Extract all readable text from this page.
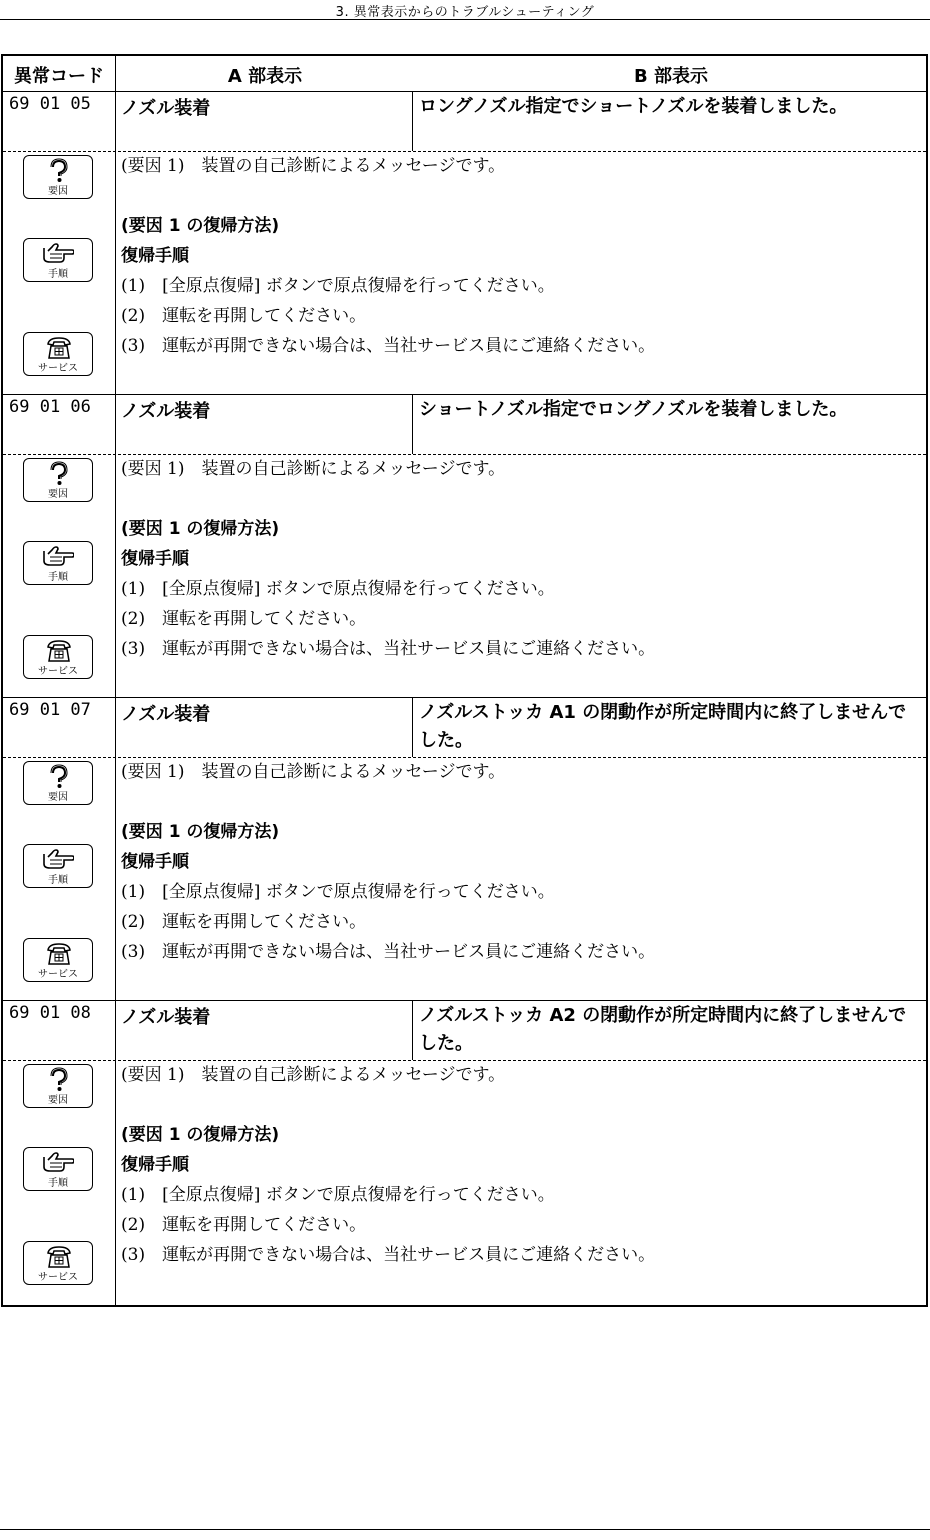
3. 異常表示からのトラブルシューティング
異常コード	A 部表示	B 部表示
69 01 05 ノズル装着	ロングノズル指定でショートノズルを装着しました。
(要因 1)　装置の自己診断によるメッセージです。
(要因 1 の復帰方法)
復帰手順
(1)　[全原点復帰] ボタンで原点復帰を行ってください。
(2)　運転を再開してください。
(3)　運転が再開できない場合は、当社サービス員にご連絡ください。
要因
手順
サービス
69 01 06 ノズル装着	ショートノズル指定でロングノズルを装着しました。
(要因 1)　装置の自己診断によるメッセージです。
(要因 1 の復帰方法)
復帰手順
(1)　[全原点復帰] ボタンで原点復帰を行ってください。
(2)　運転を再開してください。
(3)　運転が再開できない場合は、当社サービス員にご連絡ください。
要因
手順
サービス
69 01 07 ノズル装着	ノズルストッカ A1 の閉動作が所定時間内に終了しませんでした。
(要因 1)　装置の自己診断によるメッセージです。
(要因 1 の復帰方法)
復帰手順
(1)　[全原点復帰] ボタンで原点復帰を行ってください。
(2)　運転を再開してください。
(3)　運転が再開できない場合は、当社サービス員にご連絡ください。
要因
手順
サービス
69 01 08 ノズル装着	ノズルストッカ A2 の閉動作が所定時間内に終了しませんでした。
(要因 1)　装置の自己診断によるメッセージです。
(要因 1 の復帰方法)
復帰手順
(1)　[全原点復帰] ボタンで原点復帰を行ってください。
(2)　運転を再開してください。
(3)　運転が再開できない場合は、当社サービス員にご連絡ください。
要因
手順
サービス
